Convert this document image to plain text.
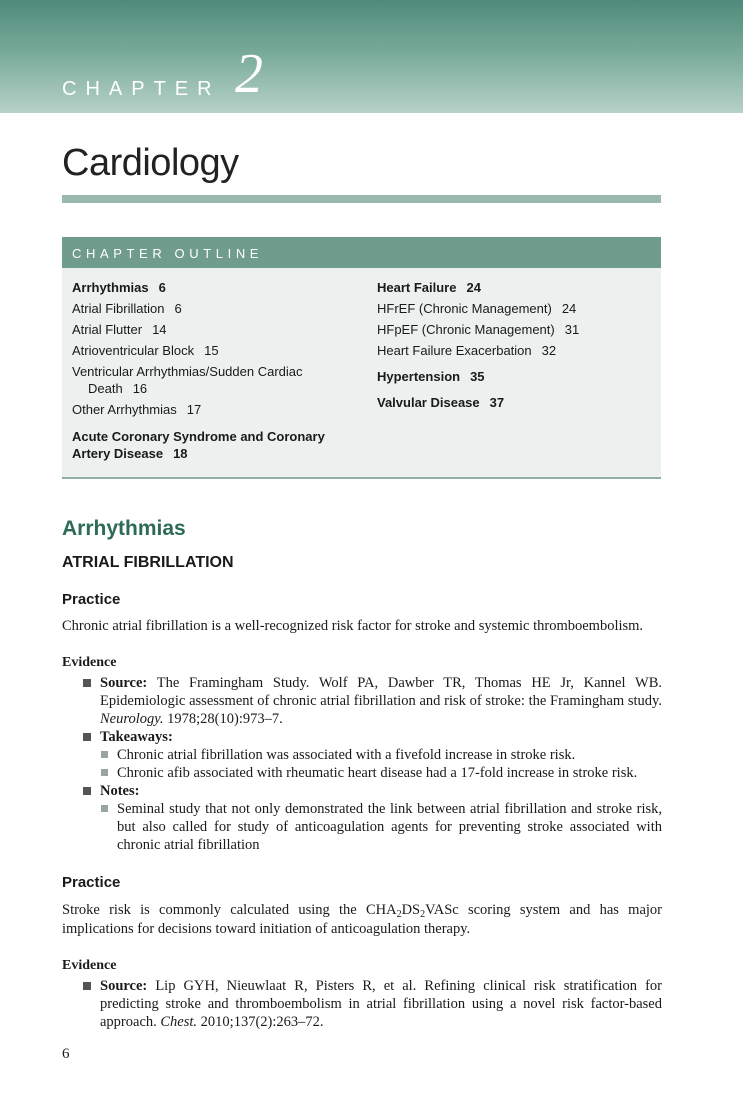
CHAPTER 2
Cardiology
CHAPTER OUTLINE
Arrhythmias 6
Atrial Fibrillation 6
Atrial Flutter 14
Atrioventricular Block 15
Ventricular Arrhythmias/Sudden Cardiac Death 16
Other Arrhythmias 17
Acute Coronary Syndrome and Coronary Artery Disease 18
Heart Failure 24
HFrEF (Chronic Management) 24
HFpEF (Chronic Management) 31
Heart Failure Exacerbation 32
Hypertension 35
Valvular Disease 37
Arrhythmias
ATRIAL FIBRILLATION
Practice
Chronic atrial fibrillation is a well-recognized risk factor for stroke and systemic thromboembolism.
Evidence
Source: The Framingham Study. Wolf PA, Dawber TR, Thomas HE Jr, Kannel WB. Epidemiologic assessment of chronic atrial fibrillation and risk of stroke: the Framingham study. Neurology. 1978;28(10):973–7.
Takeaways:
Chronic atrial fibrillation was associated with a fivefold increase in stroke risk.
Chronic afib associated with rheumatic heart disease had a 17-fold increase in stroke risk.
Notes:
Seminal study that not only demonstrated the link between atrial fibrillation and stroke risk, but also called for study of anticoagulation agents for preventing stroke associated with chronic atrial fibrillation
Practice
Stroke risk is commonly calculated using the $CHA_2DS_2VASc$ scoring system and has major implications for decisions toward initiation of anticoagulation therapy.
Evidence
Source: Lip GYH, Nieuwlaat R, Pisters R, et al. Refining clinical risk stratification for predicting stroke and thromboembolism in atrial fibrillation using a novel risk factor-based approach. Chest. 2010;137(2):263–72.
6
